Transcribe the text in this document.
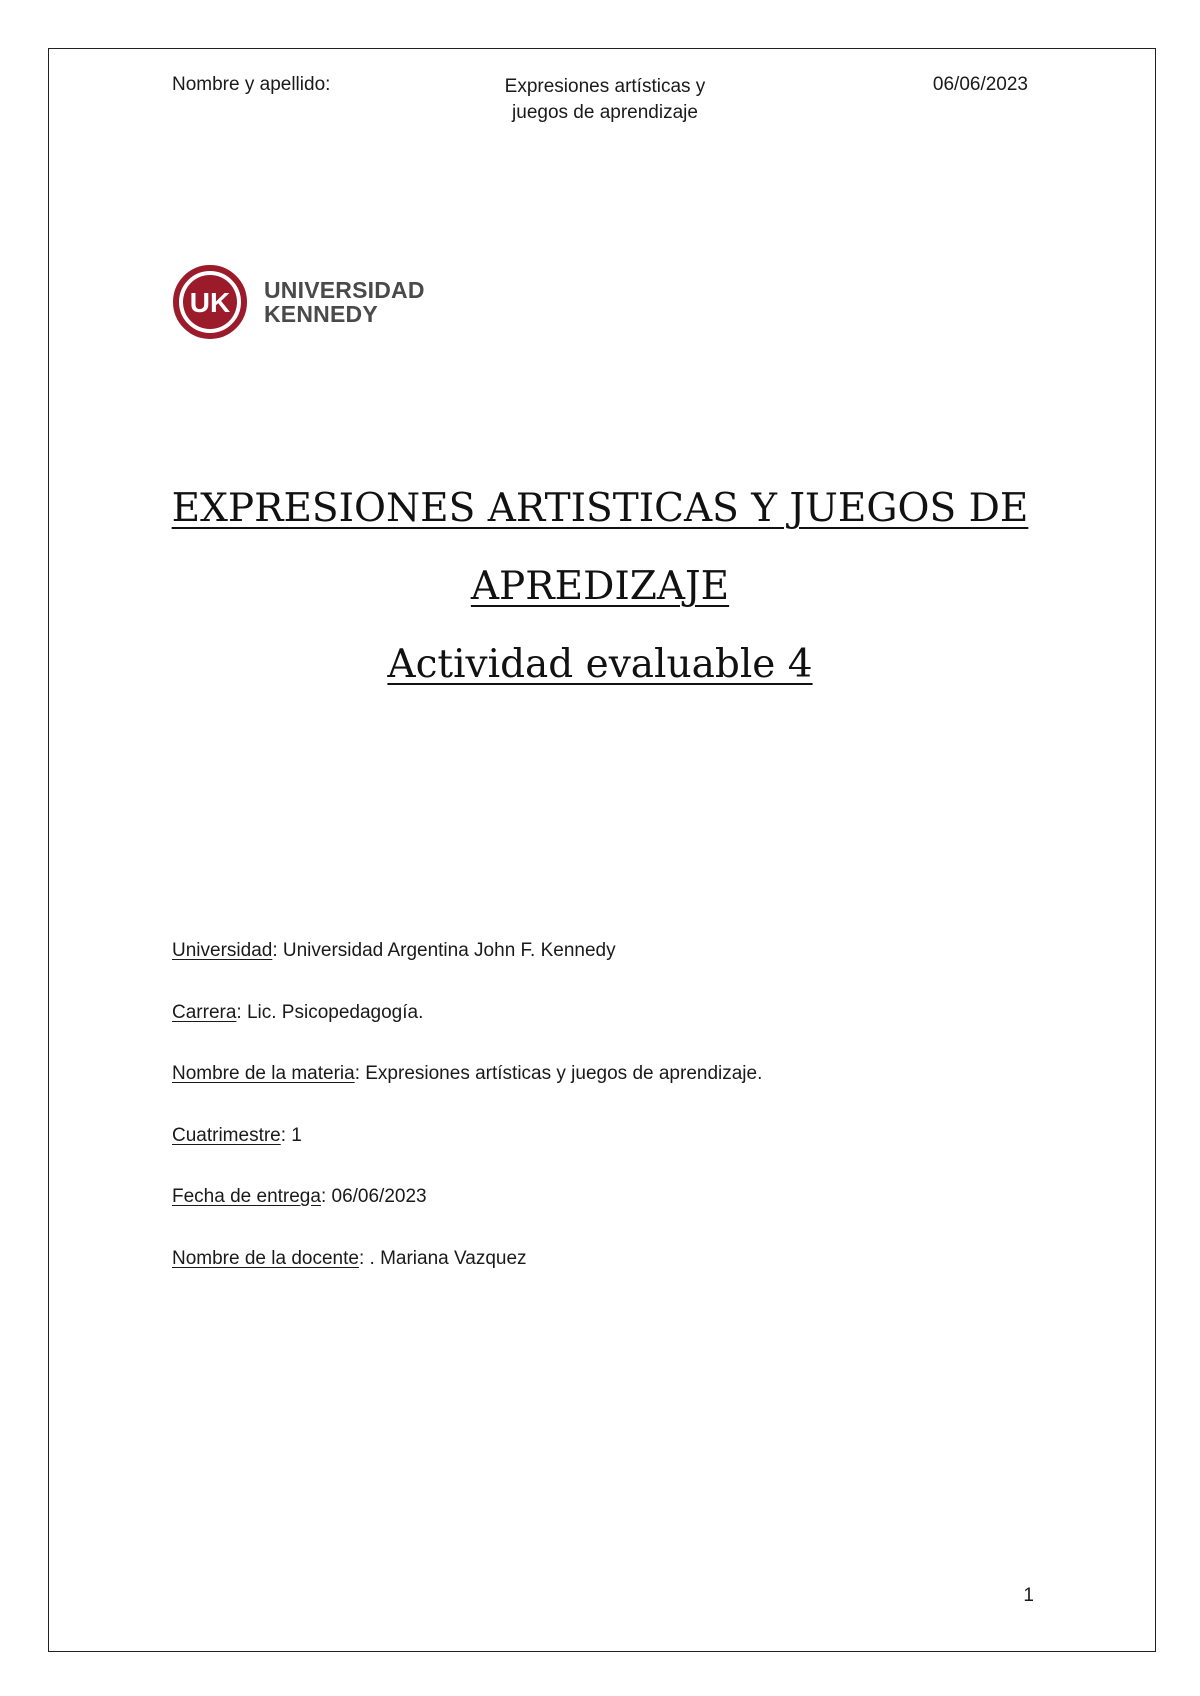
Nombre y apellido:	Expresiones artísticas y
juegos de aprendizaje
06/06/2023
UK UNIVERSIDAD
KENNEDY
EXPRESIONES ARTISTICAS Y JUEGOS DE
APREDIZAJE
Actividad evaluable 4
Universidad: Universidad Argentina John F. Kennedy
Carrera: Lic. Psicopedagogía.
Nombre de la materia: Expresiones artísticas y juegos de aprendizaje.
Cuatrimestre: 1
Fecha de entrega: 06/06/2023
Nombre de la docente: . Mariana Vazquez
1
